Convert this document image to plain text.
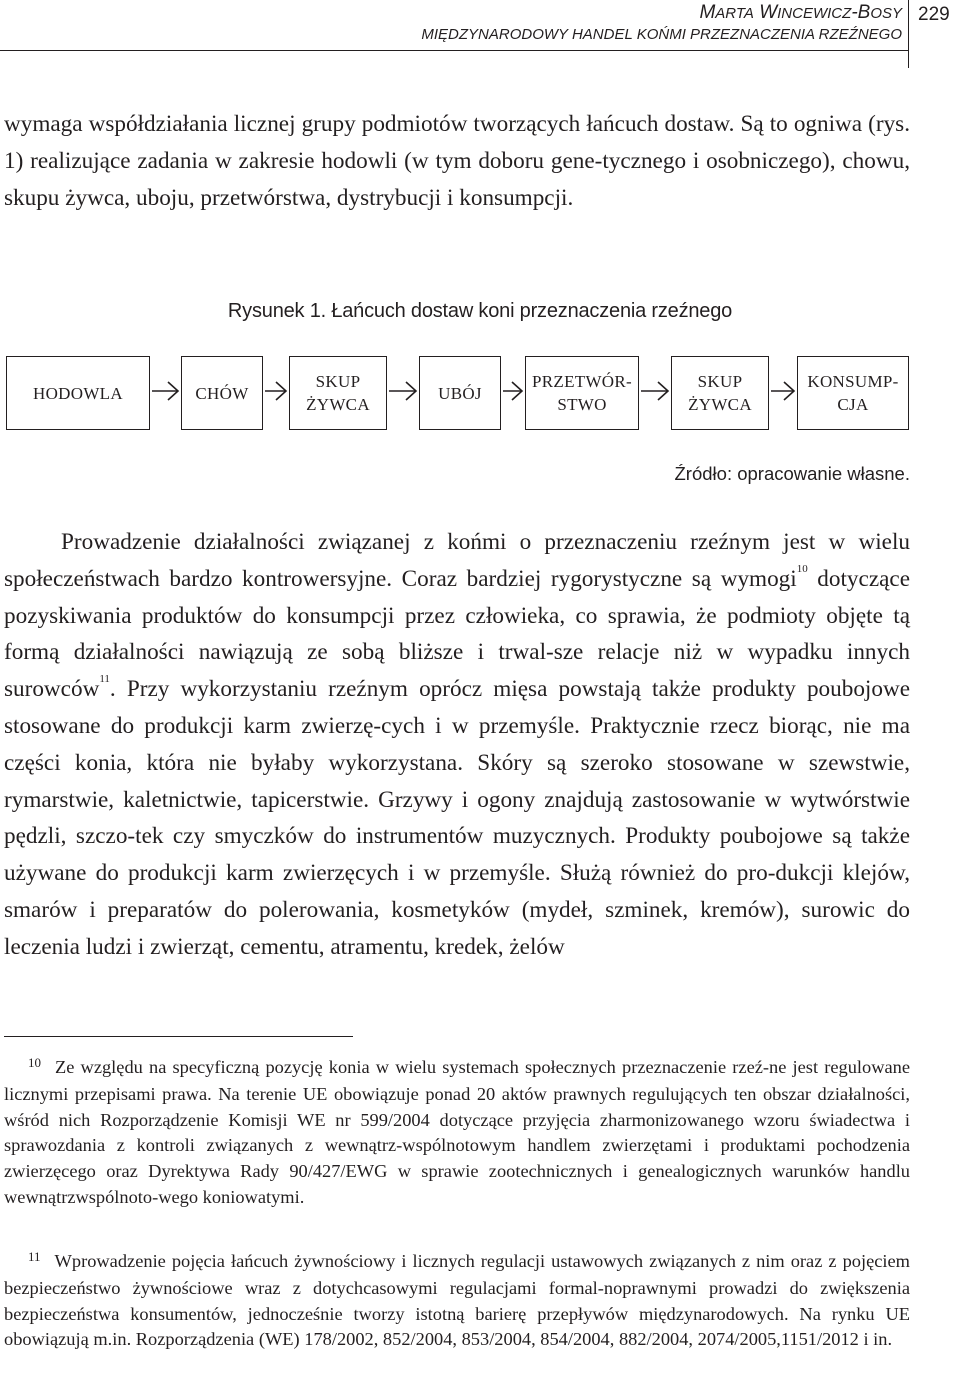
MARTA WINCEWICZ-BOSY
MIĘDZYNARODOWY HANDEL KOŃMI PRZEZNACZENIA RZEŹNEGO
229

wymaga współdziałania licznej grupy podmiotów tworzących łańcuch dostaw. Są to ogniwa (rys. 1) realizujące zadania w zakresie hodowli (w tym doboru gene-tycznego i osobniczego), chowu, skupu żywca, uboju, przetwórstwa, dystrybucji i konsumpcji.

Rysunek 1. Łańcuch dostaw koni przeznaczenia rzeźnego
HODOWLA	CHÓW
SKUP
ŻYWCA
UBÓJ
PRZETWÓR-
STWO
SKUP
ŻYWCA
KONSUMP-
CJA
Źródło: opracowanie własne.

Prowadzenie działalności związanej z końmi o przeznaczeniu rzeźnym jest w wielu społeczeństwach bardzo kontrowersyjne. Coraz bardziej rygorystyczne są wymogi$^{10}$ dotyczące pozyskiwania produktów do konsumpcji przez człowieka, co sprawia, że podmioty objęte tą formą działalności nawiązują ze sobą bliższe i trwal-sze relacje niż w wypadku innych surowców$^{11}$. Przy wykorzystaniu rzeźnym oprócz mięsa powstają także produkty poubojowe stosowane do produkcji karm zwierzę-cych i w przemyśle. Praktycznie rzecz biorąc, nie ma części konia, która nie byłaby wykorzystana. Skóry są szeroko stosowane w szewstwie, rymarstwie, kaletnictwie, tapicerstwie. Grzywy i ogony znajdują zastosowanie w wytwórstwie pędzli, szczo-tek czy smyczków do instrumentów muzycznych. Produkty poubojowe są także używane do produkcji karm zwierzęcych i w przemyśle. Służą również do pro-dukcji klejów, smarów i preparatów do polerowania, kosmetyków (mydeł, szminek, kremów), surowic do leczenia ludzi i zwierząt, cementu, atramentu, kredek, żelów

$^{10}$ Ze względu na specyficzną pozycję konia w wielu systemach społecznych przeznaczenie rzeź-ne jest regulowane licznymi przepisami prawa. Na terenie UE obowiązuje ponad 20 aktów prawnych regulujących ten obszar działalności, wśród nich Rozporządzenie Komisji WE nr 599/2004 dotyczące przyjęcia zharmonizowanego wzoru świadectwa i sprawozdania z kontroli związanych z wewnątrz-wspólnotowym handlem zwierzętami i produktami pochodzenia zwierzęcego oraz Dyrektywa Rady 90/427/EWG w sprawie zootechnicznych i genealogicznych warunków handlu wewnątrzwspólnoto-wego koniowatymi.

$^{11}$ Wprowadzenie pojęcia łańcuch żywnościowy i licznych regulacji ustawowych związanych z nim oraz z pojęciem bezpieczeństwo żywnościowe wraz z dotychcasowymi regulacjami formal-noprawnymi prowadzi do zwiększenia bezpieczeństwa konsumentów, jednocześnie tworzy istotną barierę przepływów międzynarodowych. Na rynku UE obowiązują m.in. Rozporządzenia (WE) 178/2002, 852/2004, 853/2004, 854/2004, 882/2004, 2074/2005,1151/2012 i in.
